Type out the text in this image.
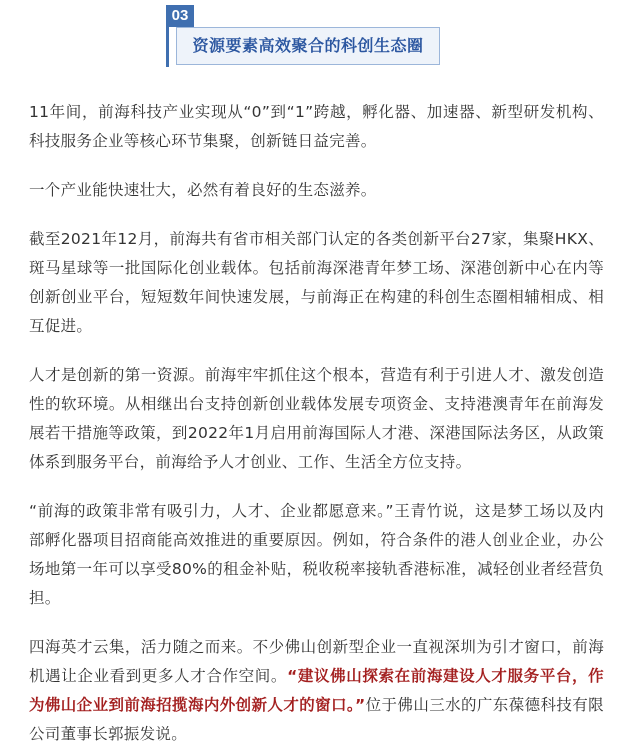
03
资源要素高效聚合的科创生态圈

11年间，前海科技产业实现从“0”到“1”跨越，孵化器、加速器、新型研发机构、科技服务企业等核心环节集聚，创新链日益完善。

一个产业能快速壮大，必然有着良好的生态滋养。

截至2021年12月，前海共有省市相关部门认定的各类创新平台27家，集聚HKX、斑马星球等一批国际化创业载体。包括前海深港青年梦工场、深港创新中心在内等创新创业平台，短短数年间快速发展，与前海正在构建的科创生态圈相辅相成、相互促进。

人才是创新的第一资源。前海牢牢抓住这个根本，营造有利于引进人才、激发创造性的软环境。从相继出台支持创新创业载体发展专项资金、支持港澳青年在前海发展若干措施等政策，到2022年1月启用前海国际人才港、深港国际法务区，从政策体系到服务平台，前海给予人才创业、工作、生活全方位支持。

“前海的政策非常有吸引力，人才、企业都愿意来。”王青竹说，这是梦工场以及内部孵化器项目招商能高效推进的重要原因。例如，符合条件的港人创业企业，办公场地第一年可以享受80%的租金补贴，税收税率接轨香港标准，减轻创业者经营负担。

四海英才云集，活力随之而来。不少佛山创新型企业一直视深圳为引才窗口，前海机遇让企业看到更多人才合作空间。“建议佛山探索在前海建设人才服务平台，作为佛山企业到前海招揽海内外创新人才的窗口。”位于佛山三水的广东葆德科技有限公司董事长郭振发说。
